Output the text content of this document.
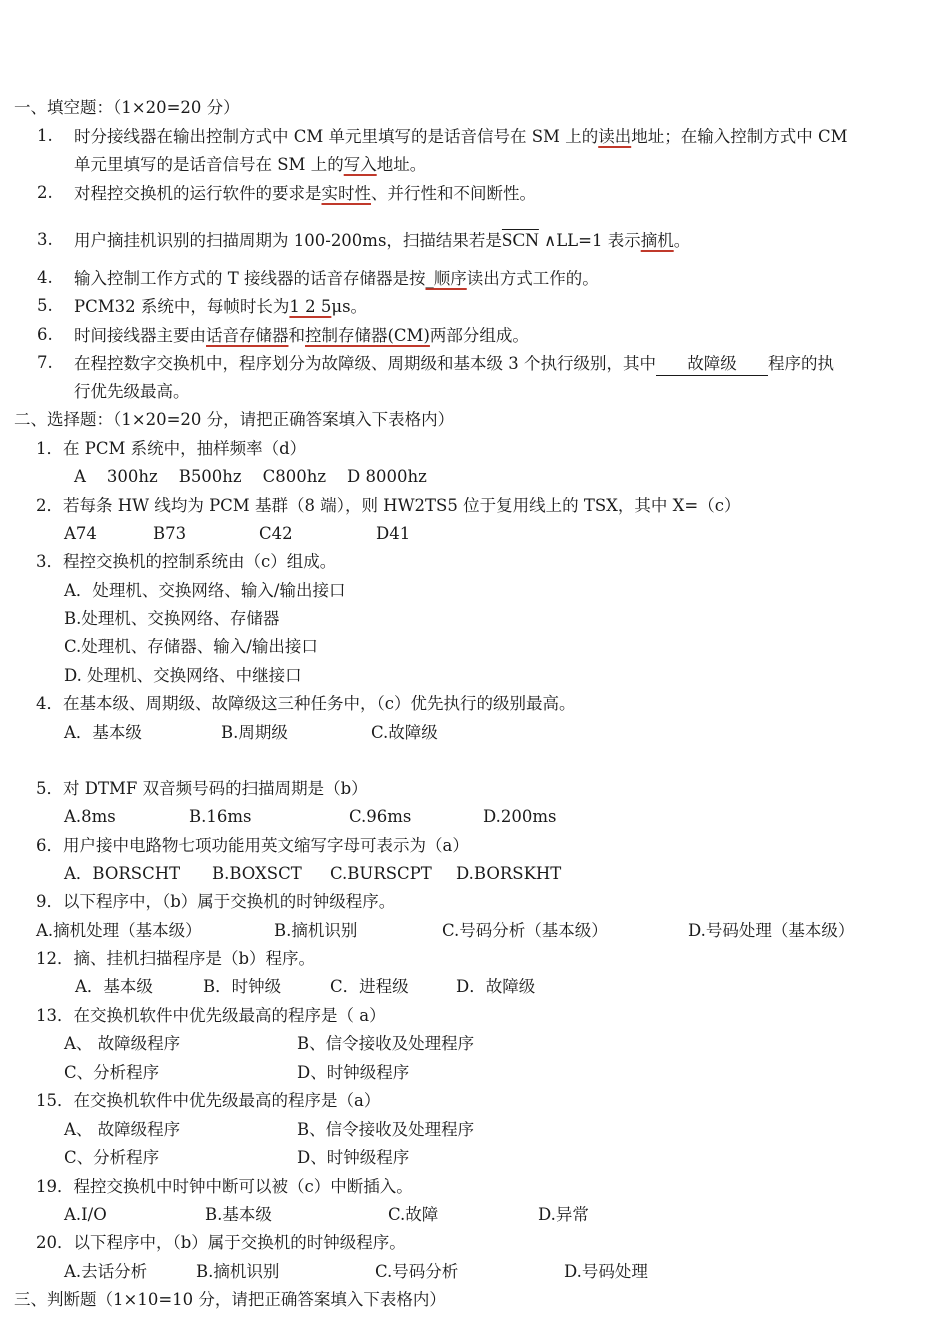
一、填空题：（1×20=20 分）
1. 时分接线器在输出控制方式中 CM 单元里填写的是话音信号在 SM 上的读出地址；在输入控制方式中 CM
单元里填写的是话音信号在 SM 上的写入地址。
2. 对程控交换机的运行软件的要求是实时性、并行性和不间断性。
3. 用户摘挂机识别的扫描周期为 100-200ms，扫描结果若是$\overline{SCN}$ ∧LL=1 表示摘机。
4. 输入控制工作方式的 T 接线器的话音存储器是按_顺序读出方式工作的。
5. PCM32 系统中，每帧时长为1 2 5μs。
6. 时间接线器主要由话音存储器和控制存储器(CM)两部分组成。
7. 在程控数字交换机中，程序划分为故障级、周期级和基本级 3 个执行级别，其中 故障级 程序的执
行优先级最高。
二、选择题：（1×20=20 分，请把正确答案填入下表格内）
1．在 PCM 系统中，抽样频率（d）
A    300hz    B500hz    C800hz    D 8000hz
2．若每条 HW 线均为 PCM 基群（8 端），则 HW2TS5 位于复用线上的 TSX，其中 X=（c）
A74	B73	C42	D41
3．程控交换机的控制系统由（c）组成。
A．处理机、交换网络、输入/输出接口
B.处理机、交换网络、存储器
C.处理机、存储器、输入/输出接口
D. 处理机、交换网络、中继接口
4．在基本级、周期级、故障级这三种任务中，（c）优先执行的级别最高。
A．基本级	B.周期级	C.故障级
5．对 DTMF 双音频号码的扫描周期是（b）
A.8ms	B.16ms	C.96ms	D.200ms
6．用户接中电路物七项功能用英文缩写字母可表示为（a）
A．BORSCHT B.BOXSCT C.BURSCPT D.BORSKHT
9．以下程序中，（b）属于交换机的时钟级程序。
A.摘机处理（基本级）	B.摘机识别	C.号码分析（基本级）	D.号码处理（基本级）
12．摘、挂机扫描程序是（b）程序。
A．基本级	B．时钟级	C．进程级	D．故障级
13．在交换机软件中优先级最高的程序是（ a）
A、 故障级程序	B、信令接收及处理程序
C、分析程序	D、时钟级程序
15．在交换机软件中优先级最高的程序是（a）
A、 故障级程序	B、信令接收及处理程序
C、分析程序	D、时钟级程序
19．程控交换机中时钟中断可以被（c）中断插入。
A.I/O	B.基本级	C.故障	D.异常
20．以下程序中，（b）属于交换机的时钟级程序。
A.去话分析	B.摘机识别	C.号码分析	D.号码处理
三、判断题（1×10=10 分，请把正确答案填入下表格内）
